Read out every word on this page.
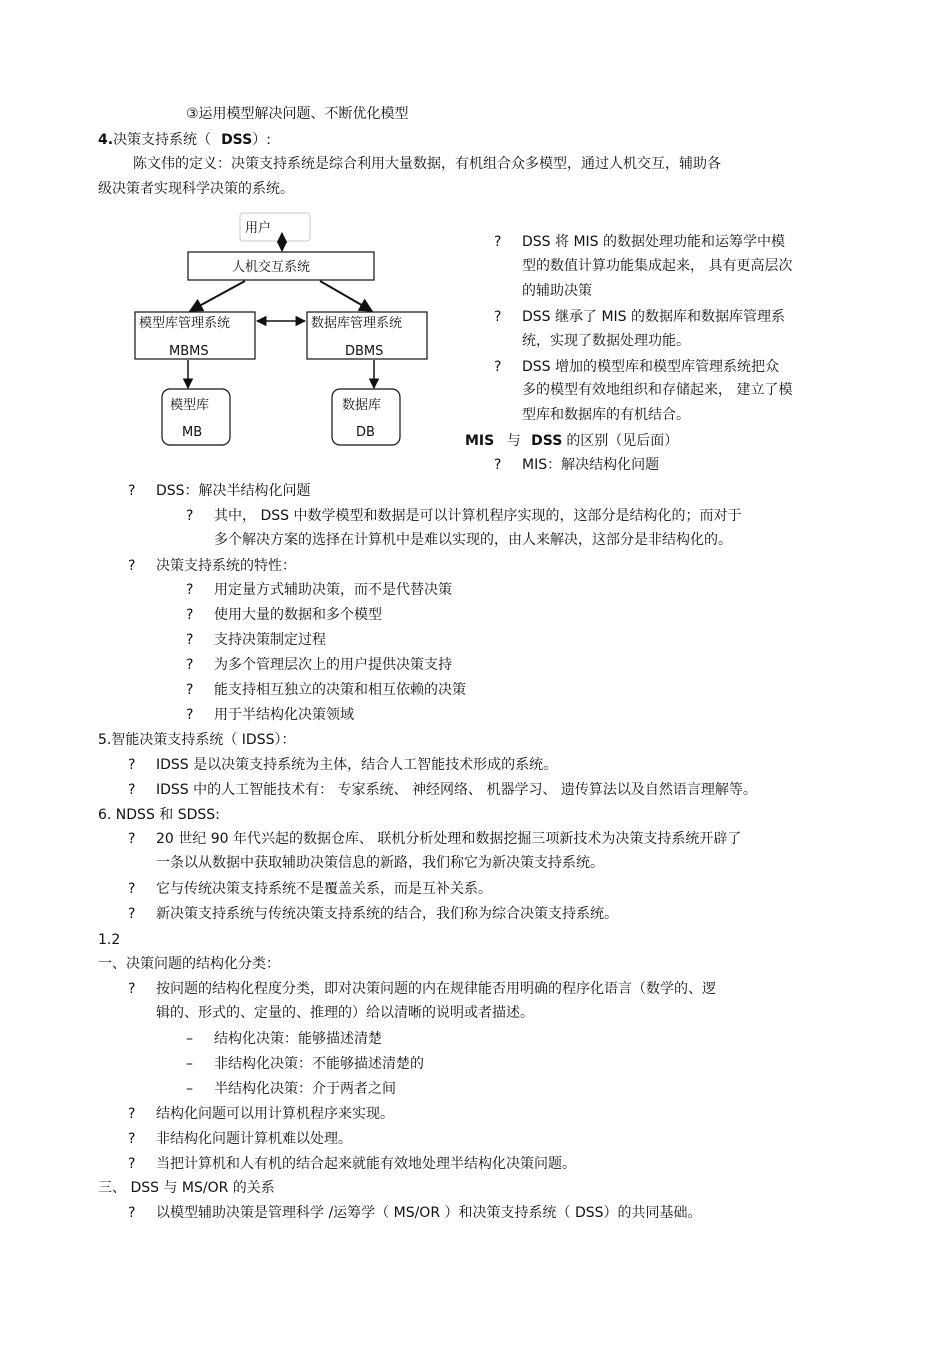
③运用模型解决问题、不断优化模型
4.决策支持系统（ DSS）:
陈文伟的定义：决策支持系统是综合利用大量数据，有机组合众多模型，通过人机交互，辅助各
级决策者实现科学决策的系统。
用户
人机交互系统
模型库管理系统
MBMS
数据库管理系统
DBMS
模型库
MB
数据库
DB
? DSS 将 MIS 的数据处理功能和运筹学中模
型的数值计算功能集成起来， 具有更高层次
的辅助决策
? DSS 继承了 MIS 的数据库和数据库管理系
统，实现了数据处理功能。
? DSS 增加的模型库和模型库管理系统把众
多的模型有效地组织和存储起来， 建立了模
型库和数据库的有机结合。
MIS 与 DSS 的区别（见后面）
? MIS：解决结构化问题
? DSS：解决半结构化问题
? 其中， DSS 中数学模型和数据是可以计算机程序实现的，这部分是结构化的；而对于
多个解决方案的选择在计算机中是难以实现的，由人来解决，这部分是非结构化的。
? 决策支持系统的特性：
? 用定量方式辅助决策，而不是代替决策
? 使用大量的数据和多个模型
? 支持决策制定过程
? 为多个管理层次上的用户提供决策支持
? 能支持相互独立的决策和相互依赖的决策
? 用于半结构化决策领域
5.智能决策支持系统（ IDSS）：
? IDSS 是以决策支持系统为主体，结合人工智能技术形成的系统。
? IDSS 中的人工智能技术有： 专家系统、 神经网络、 机器学习、 遗传算法以及自然语言理解等。
6. NDSS 和 SDSS:
? 20 世纪 90 年代兴起的数据仓库、 联机分析处理和数据挖掘三项新技术为决策支持系统开辟了
一条以从数据中获取辅助决策信息的新路，我们称它为新决策支持系统。
? 它与传统决策支持系统不是覆盖关系，而是互补关系。
? 新决策支持系统与传统决策支持系统的结合，我们称为综合决策支持系统。
1.2
一、决策问题的结构化分类：
? 按问题的结构化程度分类，即对决策问题的内在规律能否用明确的程序化语言（数学的、逻
辑的、形式的、定量的、推理的）给以清晰的说明或者描述。
– 结构化决策：能够描述清楚
– 非结构化决策：不能够描述清楚的
– 半结构化决策：介于两者之间
? 结构化问题可以用计算机程序来实现。
? 非结构化问题计算机难以处理。
? 当把计算机和人有机的结合起来就能有效地处理半结构化决策问题。
三、 DSS 与 MS/OR 的关系
? 以模型辅助决策是管理科学 /运筹学（ MS/OR ）和决策支持系统（ DSS）的共同基础。
